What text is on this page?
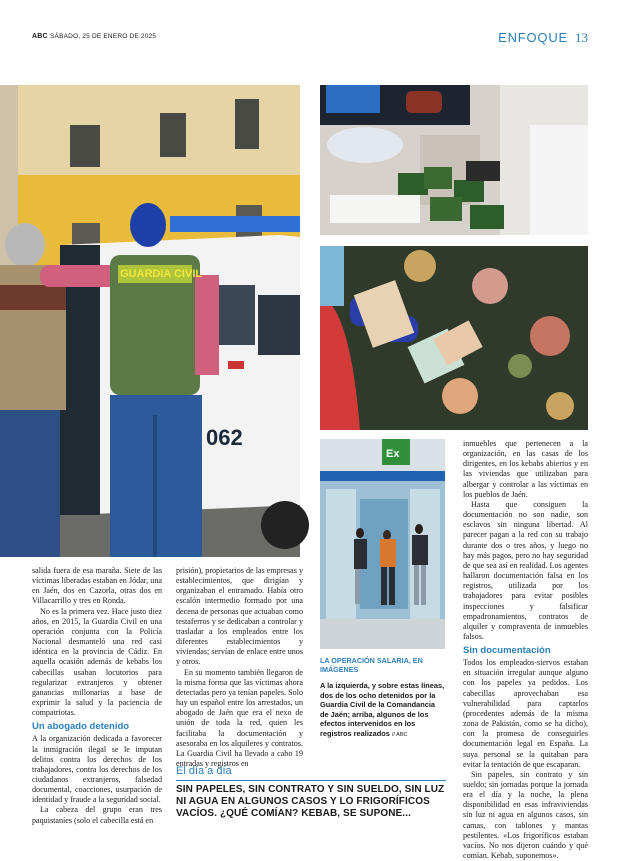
ABC SÁBADO, 25 DE ENERO DE 2025	ENFOQUE 13
062
GUARDIA CIVIL
Ex

salida fuera de esa maraña. Siete de las víctimas liberadas estaban en Jódar, una en Jaén, dos en Cazorla, otras dos en Villacarrillo y tres en Ronda.

No es la primera vez. Hace justo diez años, en 2015, la Guardia Civil en una operación conjunta con la Policía Nacional desmanteló una red casi idéntica en la provincia de Cádiz. En aquella ocasión además de kebabs los cabecillas usaban locutorios para regularizar extranjeros y obtener ganancias millonarias a base de exprimir la salud y la paciencia de compatriotas.

Un abogado detenido

A la organización dedicada a favorecer la inmigración ilegal se le imputan delitos contra los derechos de los trabajadores, contra los derechos de los ciudadanos extranjeros, falsedad documental, coacciones, usurpación de identidad y fraude a la seguridad social.

La cabeza del grupo eran tres paquistaníes (solo el cabecilla está en

prisión), propietarios de las empresas y establecimientos, que dirigían y organizaban el entramado. Había otro escalón intermedio formado por una decena de personas que actuaban como testaferros y se dedicaban a controlar y trasladar a los empleados entre los diferentes establecimientos y viviendas; servían de enlace entre unos y otros.

En su momento también llegaron de la misma forma que las víctimas ahora detectadas pero ya tenían papeles. Solo hay un español entre los arrestados, un abogado de Jaén que era el nexo de unión de toda la red, quien les facilitaba la documentación y asesoraba en los alquileres y contratos. La Guardia Civil ha llevado a cabo 19 entradas y registros en

LA OPERACIÓN SALARIA, EN IMÁGENES
A la izquierda, y sobre estas líneas, dos de los ocho detenidos por la Guardia Civil de la Comandancia de Jaén; arriba, algunos de los efectos intervenidos en los registros realizados // ABC

inmuebles que pertenecen a la organización, en las casas de los dirigentes, en los kebabs abiertos y en las viviendas que utilizaban para albergar y controlar a las víctimas en los pueblos de Jaén.

Hasta que consiguen la documentación no son nadie, son esclavos sin ninguna libertad. Al parecer pagan a la red con su trabajo durante dos o tres años, y luego no hay más pagos, pero no hay seguridad de que sea así en realidad. Los agentes hallaron documentación falsa en los registros, utilizada por los trabajadores para evitar posibles inspecciones y falsificar empadronamientos, contratos de alquiler y compraventa de inmuebles falsos.

Sin documentación

Todos los empleados-siervos estaban en situación irregular aunque alguno con los papeles ya pedidos. Los cabecillas aprovechaban esa vulnerabilidad para captarlos (procedentes además de la misma zona de Pakistán, como se ha dicho), con la promesa de conseguirles documentación legal en España. La suya personal se la quitaban para evitar la tentación de que escaparan.

Sin papeles, sin contrato y sin sueldo; sin jornadas porque la jornada era el día y la noche, la plena disponibilidad en esas infraviviendas sin luz ni agua en algunos casos, sin camas, con tablones y mantas pestilentes. «Los frigoríficos estaban vacíos. No nos dijeron cuándo y qué comían. Kebab, suponemos».

El día a día
SIN PAPELES, SIN CONTRATO Y SIN SUELDO, SIN LUZ NI AGUA EN ALGUNOS CASOS Y LO FRIGORÍFICOS VACÍOS. ¿QUÉ COMÍAN? KEBAB, SE SUPONE...
